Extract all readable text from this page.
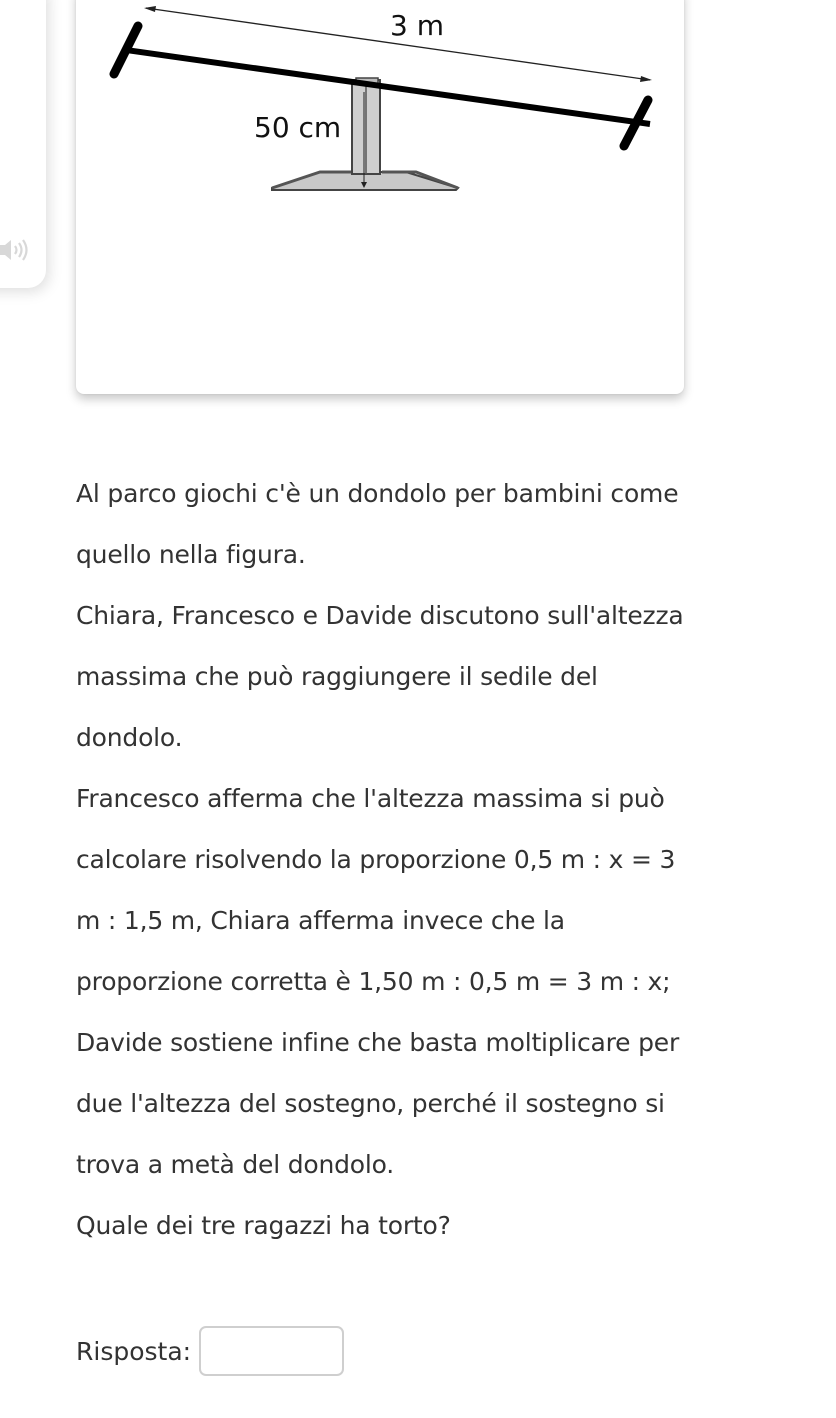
3 m
50 cm

Al parco giochi c'è un dondolo per bambini come quello nella figura.

Chiara, Francesco e Davide discutono sull'altezza massima che può raggiungere il sedile del dondolo.

Francesco afferma che l'altezza massima si può calcolare risolvendo la proporzione 0,5 m : x = 3 m : 1,5 m, Chiara afferma invece che la proporzione corretta è 1,50 m : 0,5 m = 3 m : x;

Davide sostiene infine che basta moltiplicare per due l'altezza del sostegno, perché il sostegno si trova a metà del dondolo.

Quale dei tre ragazzi ha torto?

Risposta:
